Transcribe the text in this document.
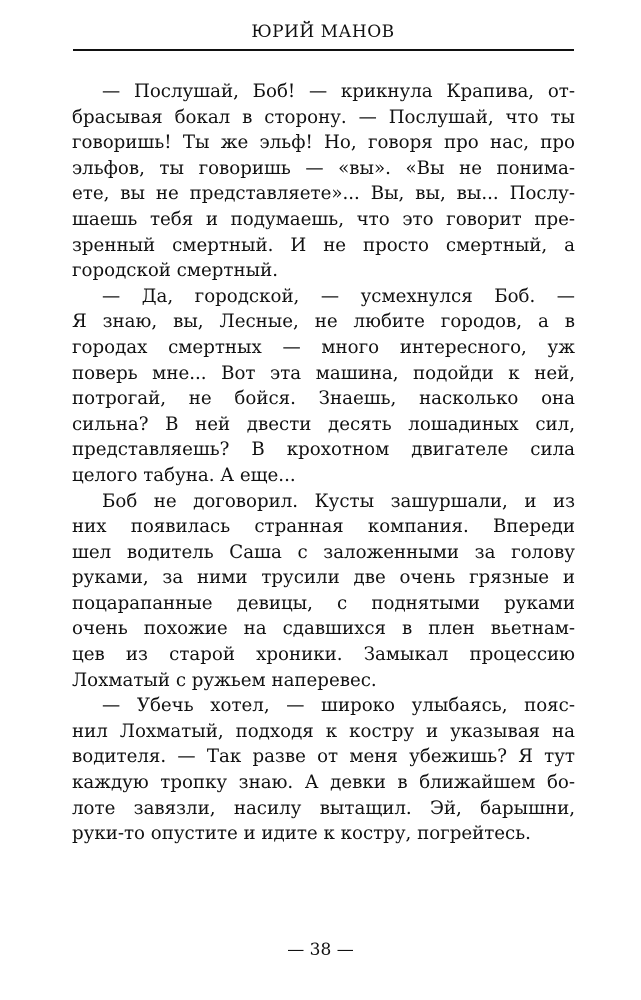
ЮРИЙ МАНОВ
— Послушай, Боб! — крикнула Крапива, от-
брасывая бокал в сторону. — Послушай, что ты
говоришь! Ты же эльф! Но, говоря про нас, про
эльфов, ты говоришь — «вы». «Вы не понима-
ете, вы не представляете»... Вы, вы, вы... Послу-
шаешь тебя и подумаешь, что это говорит пре-
зренный смертный. И не просто смертный, а
городской смертный.
— Да, городской, — усмехнулся Боб. —
Я знаю, вы, Лесные, не любите городов, а в
городах смертных — много интересного, уж
поверь мне... Вот эта машина, подойди к ней,
потрогай, не бойся. Знаешь, насколько она
сильна? В ней двести десять лошадиных сил,
представляешь? В крохотном двигателе сила
целого табуна. А еще...
Боб не договорил. Кусты зашуршали, и из
них появилась странная компания. Впереди
шел водитель Саша с заложенными за голову
руками, за ними трусили две очень грязные и
поцарапанные девицы, с поднятыми руками
очень похожие на сдавшихся в плен вьетнам-
цев из старой хроники. Замыкал процессию
Лохматый с ружьем наперевес.
— Убечь хотел, — широко улыбаясь, пояс-
нил Лохматый, подходя к костру и указывая на
водителя. — Так разве от меня убежишь? Я тут
каждую тропку знаю. А девки в ближайшем бо-
лоте завязли, насилу вытащил. Эй, барышни,
руки-то опустите и идите к костру, погрейтесь.
— 38 —
